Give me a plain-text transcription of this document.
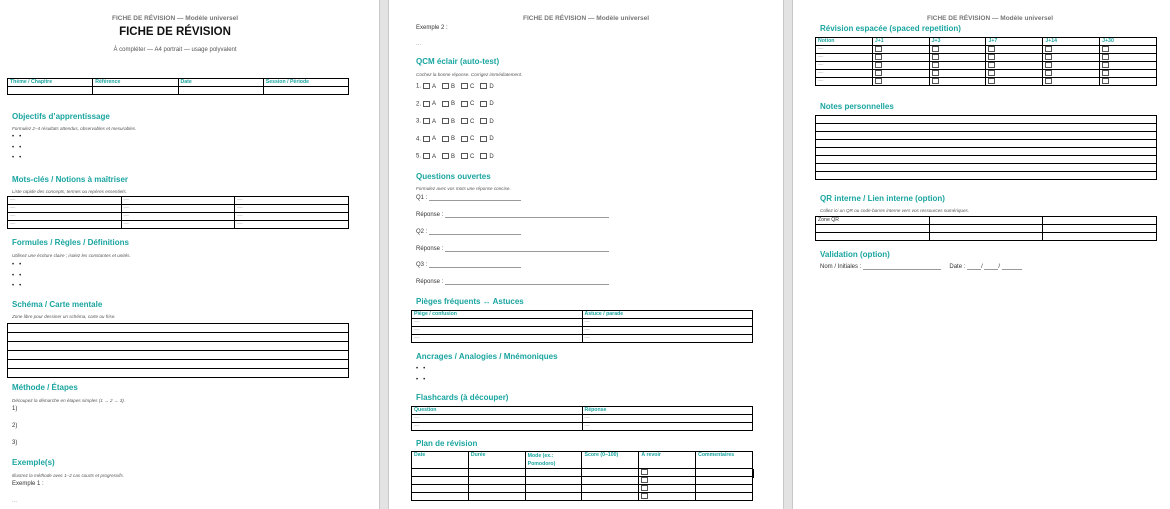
FICHE DE RÉVISION — Modèle universel
FICHE DE RÉVISION
À compléter — A4 portrait — usage polyvalent
Thème / Chapitre	Référence	Date	Session / Période

Objectifs d’apprentissage
Formulez 2–4 résultats attendus, observables et mesurables.
•   •
•   •
•   •
Mots-clés / Notions à maîtriser
Liste rapide des concepts, termes ou repères essentiels.
—	—	—
—	—	—
—	—	—
—	—	—
Formules / Règles / Définitions
Utilisez une écriture claire ; isolez les constantes et unités.
•   •
•   •
•   •
Schéma / Carte mentale
Zone libre pour dessiner un schéma, carte ou frise.

Méthode / Étapes
Découpez la démarche en étapes simples (1 → 2 → 3).
1)
2)
3)
Exemple(s)
Illustrez la méthode avec 1–2 cas courts et progressifs.
Exemple 1 :
...
FICHE DE RÉVISION — Modèle universel
Exemple 2 :
...
QCM éclair (auto-test)
Cochez la bonne réponse. Corrigez immédiatement.
1. A	B	C	D
2. A	B	C	D
3. A	B	C	D
4. A	B	C	D
5. A	B	C	D
Questions ouvertes
Formulez avec vos mots une réponse concise.
Q1 :
Réponse :
Q2 :
Réponse :
Q3 :
Réponse :
Pièges fréquents ↔ Astuces
Piège / confusion	Astuce / parade
—	—
—	—
—	—
Ancrages / Analogies / Mnémoniques
•   •
•   •
Flashcards (à découper)
Question	Réponse
—	—
—	—
Plan de révision
Date	Durée	Mode (ex.: Pomodoro)	Score (0–100)	À revoir	Commentaires

FICHE DE RÉVISION — Modèle universel
Révision espacée (spaced repetition)
Notion	J+1	J+3	J+7	J+14	J+30
—					
—					
—					
—					
—					
Notes personnelles

QR interne / Lien interne (option)
Collez ici un QR ou code-barres interne vers vos ressources numériques.
Zone QR		

Validation (option)
Nom / Initiales :	Date :	/ /
